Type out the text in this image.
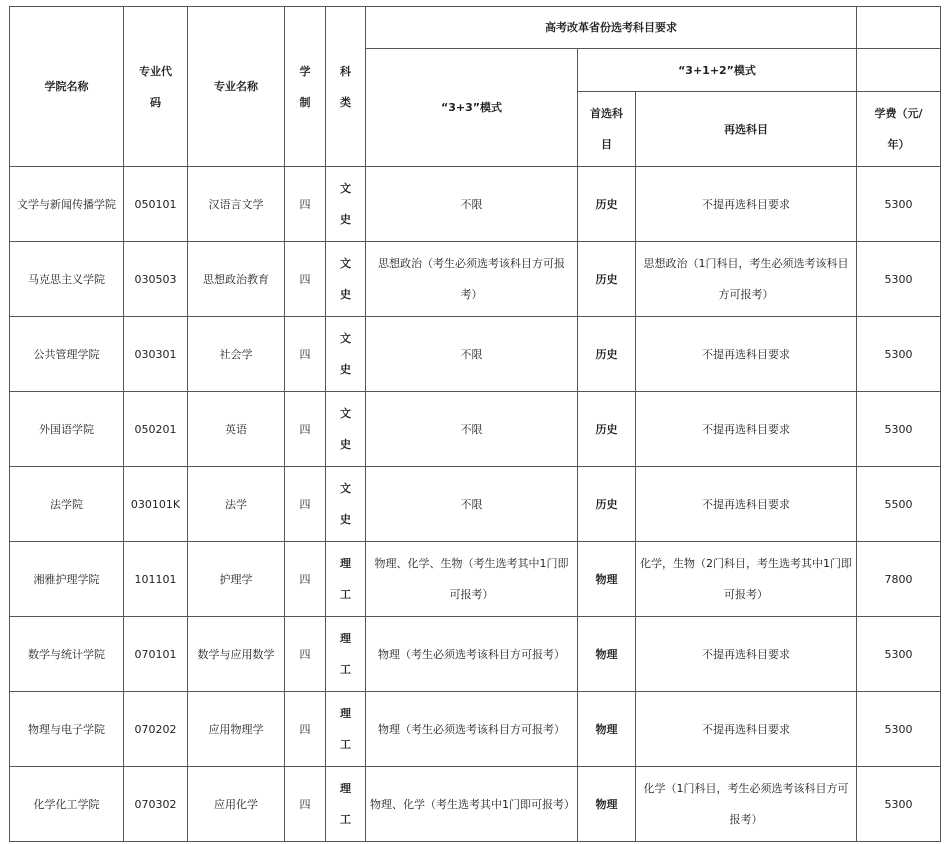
学院名称	专业代码	专业名称	学制	科类	高考改革省份选考科目要求			

					“3+3”模式	“3+1+2”模式		

						首选科目	再选科目	学费（元/年）

文学与新闻传播学院	050101	汉语言文学	四	文史	不限	历史	不提再选科目要求	5300

马克思主义学院	030503	思想政治教育	四	文史	思想政治（考生必须选考该科目方可报考）	历史	思想政治（1门科目，考生必须选考该科目方可报考）	5300

公共管理学院	030301	社会学	四	文史	不限	历史	不提再选科目要求	5300

外国语学院	050201	英语	四	文史	不限	历史	不提再选科目要求	5300

法学院	030101K	法学	四	文史	不限	历史	不提再选科目要求	5500

湘雅护理学院	101101	护理学	四	理工	物理、化学、生物（考生选考其中1门即可报考）	物理	化学，生物（2门科目，考生选考其中1门即可报考）	7800

数学与统计学院	070101	数学与应用数学	四	理工	物理（考生必须选考该科目方可报考）	物理	不提再选科目要求	5300

物理与电子学院	070202	应用物理学	四	理工	物理（考生必须选考该科目方可报考）	物理	不提再选科目要求	5300

化学化工学院	070302	应用化学	四	理工	物理、化学（考生选考其中1门即可报考）	物理	化学（1门科目，考生必须选考该科目方可报考）	5300
